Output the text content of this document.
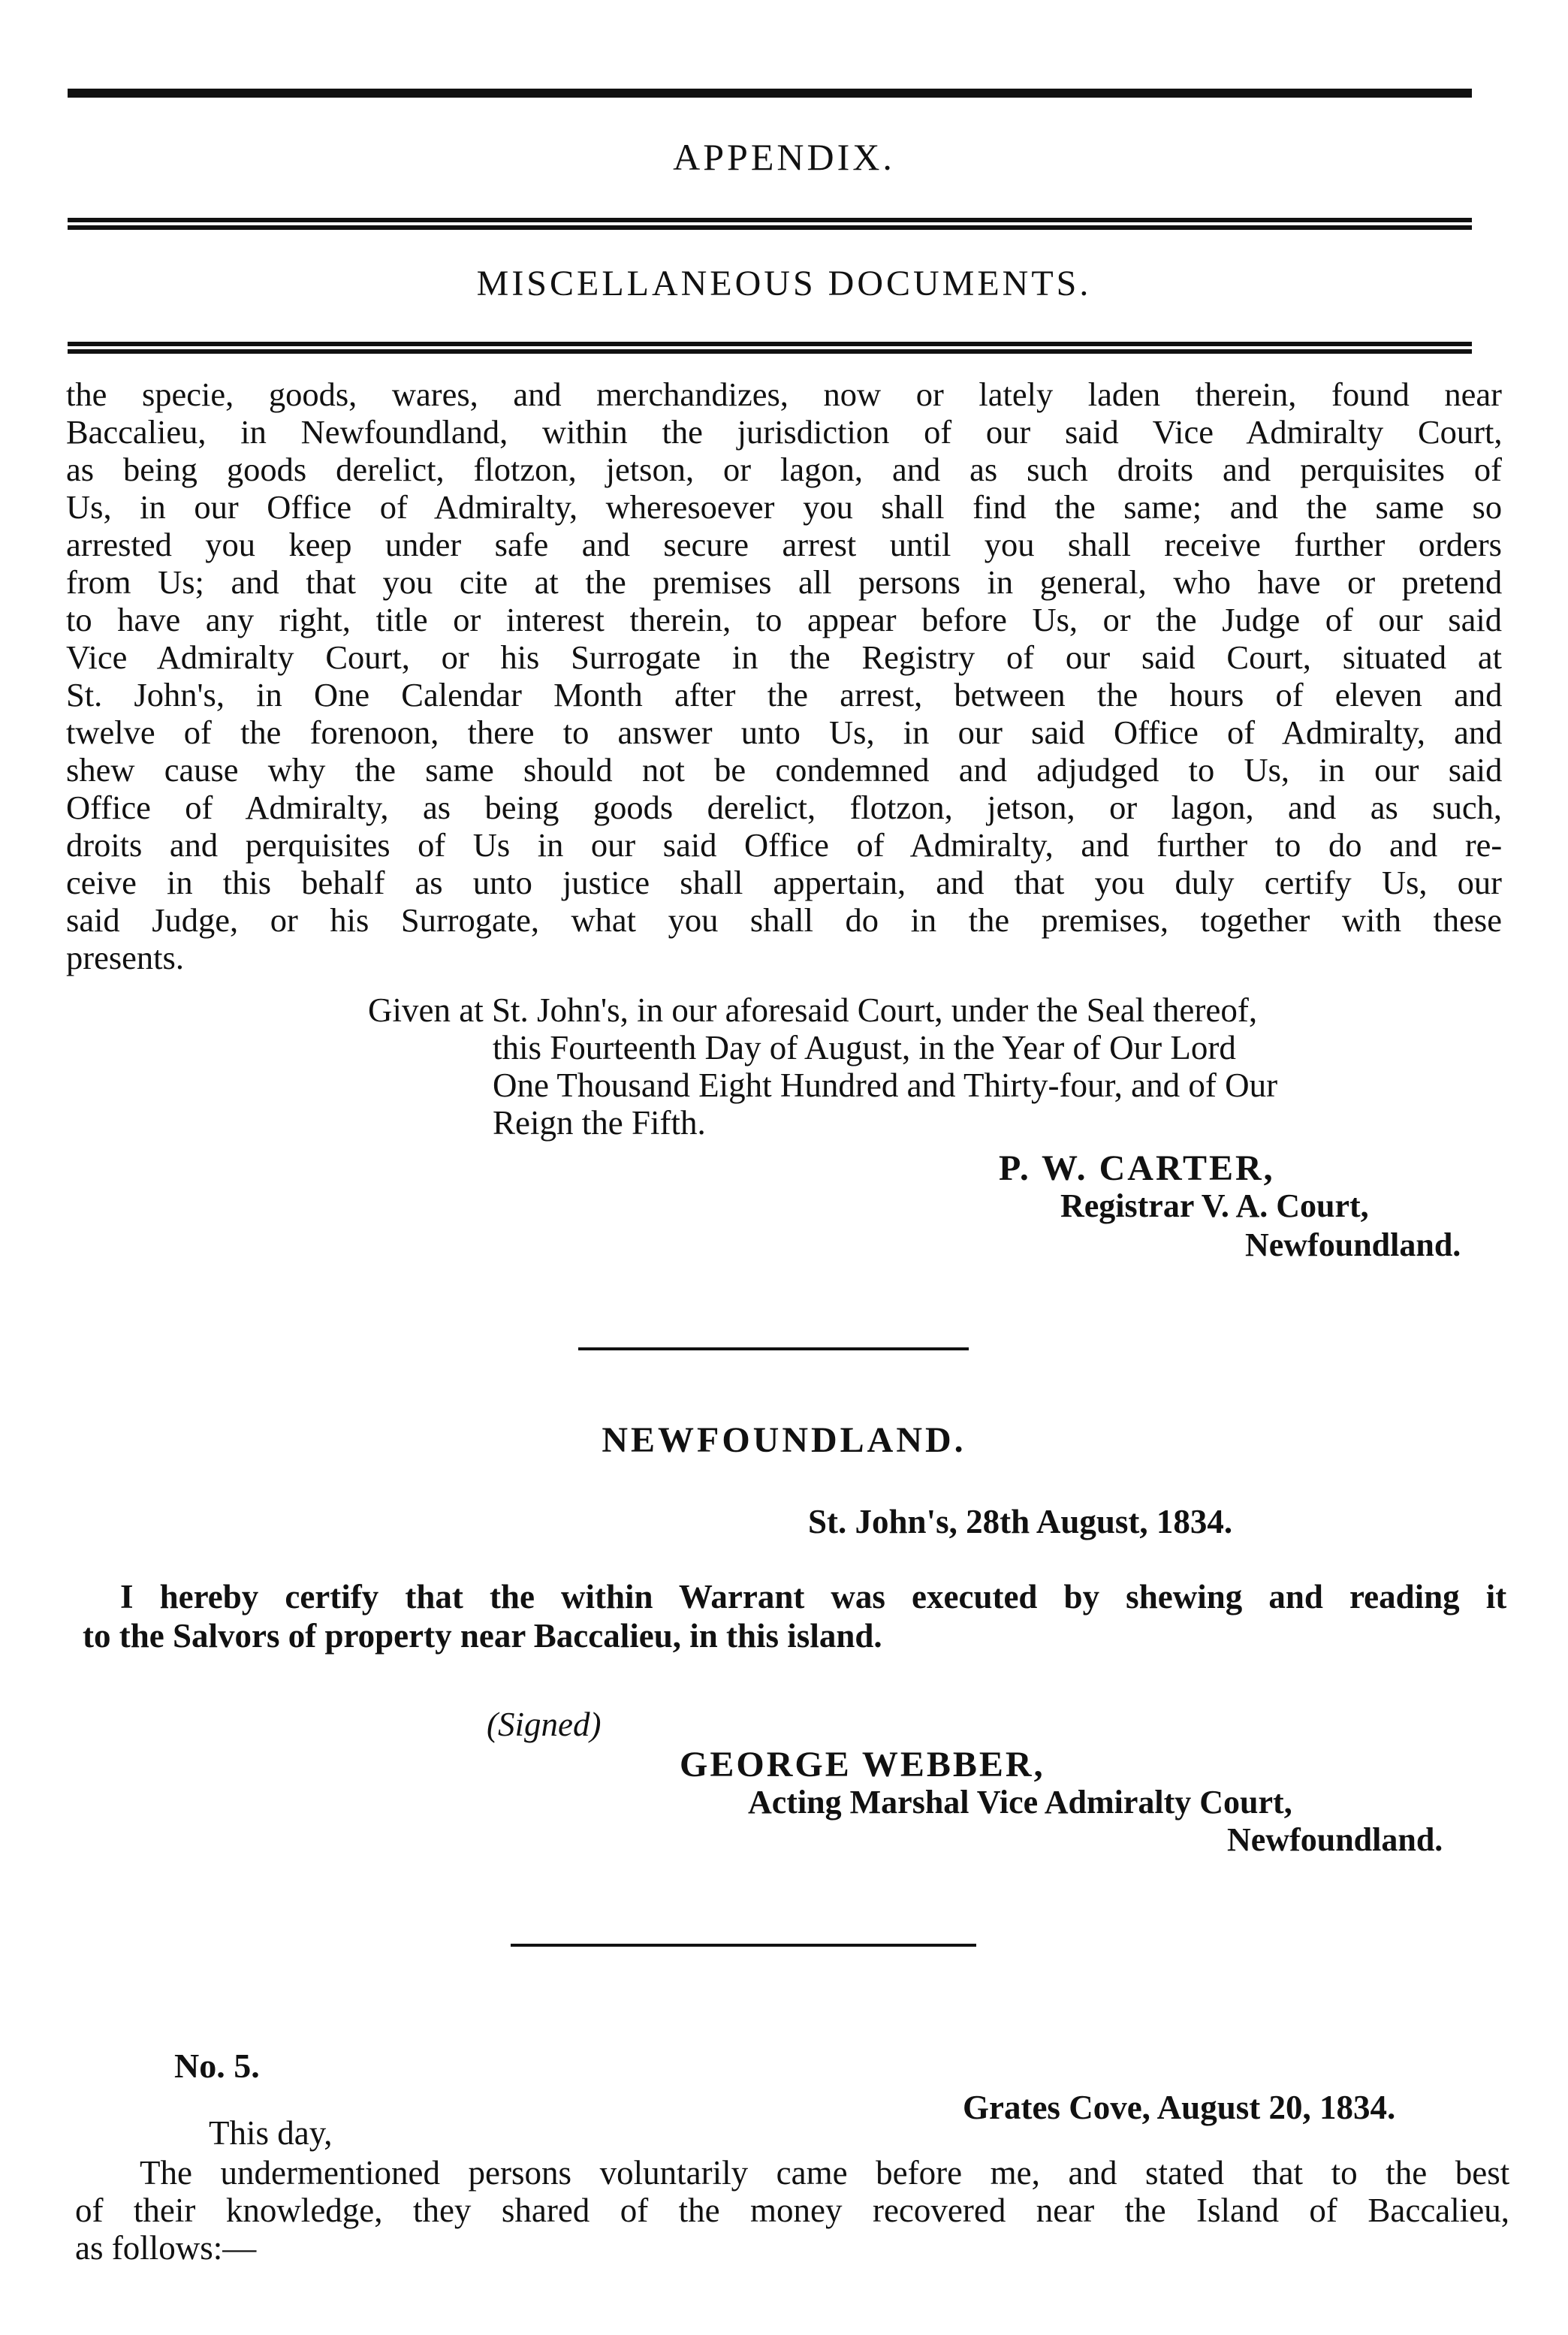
APPENDIX.
MISCELLANEOUS DOCUMENTS.
the specie, goods, wares, and merchandizes, now or lately laden therein, found near
Baccalieu, in Newfoundland, within the jurisdiction of our said Vice Admiralty Court,
as being goods derelict, flotzon, jetson, or lagon, and as such droits and perquisites of
Us, in our Office of Admiralty, wheresoever you shall find the same; and the same so
arrested you keep under safe and secure arrest until you shall receive further orders
from Us; and that you cite at the premises all persons in general, who have or pretend
to have any right, title or interest therein, to appear before Us, or the Judge of our said
Vice Admiralty Court, or his Surrogate in the Registry of our said Court, situated at
St. John's, in One Calendar Month after the arrest, between the hours of eleven and
twelve of the forenoon, there to answer unto Us, in our said Office of Admiralty, and
shew cause why the same should not be condemned and adjudged to Us, in our said
Office of Admiralty, as being goods derelict, flotzon, jetson, or lagon, and as such,
droits and perquisites of Us in our said Office of Admiralty, and further to do and re-
ceive in this behalf as unto justice shall appertain, and that you duly certify Us, our
said Judge, or his Surrogate, what you shall do in the premises, together with these
presents.
Given at St. John's, in our aforesaid Court, under the Seal thereof,
this Fourteenth Day of August, in the Year of Our Lord
One Thousand Eight Hundred and Thirty-four, and of Our
Reign the Fifth.
P. W. CARTER,
Registrar V. A. Court,
Newfoundland.
NEWFOUNDLAND.
St. John's, 28th August, 1834.
I hereby certify that the within Warrant was executed by shewing and reading it
to the Salvors of property near Baccalieu, in this island.
(Signed)
GEORGE WEBBER,
Acting Marshal Vice Admiralty Court,
Newfoundland.
No. 5.
Grates Cove, August 20, 1834.
This day,
The undermentioned persons voluntarily came before me, and stated that to the best
of their knowledge, they shared of the money recovered near the Island of Baccalieu,
as follows:—
